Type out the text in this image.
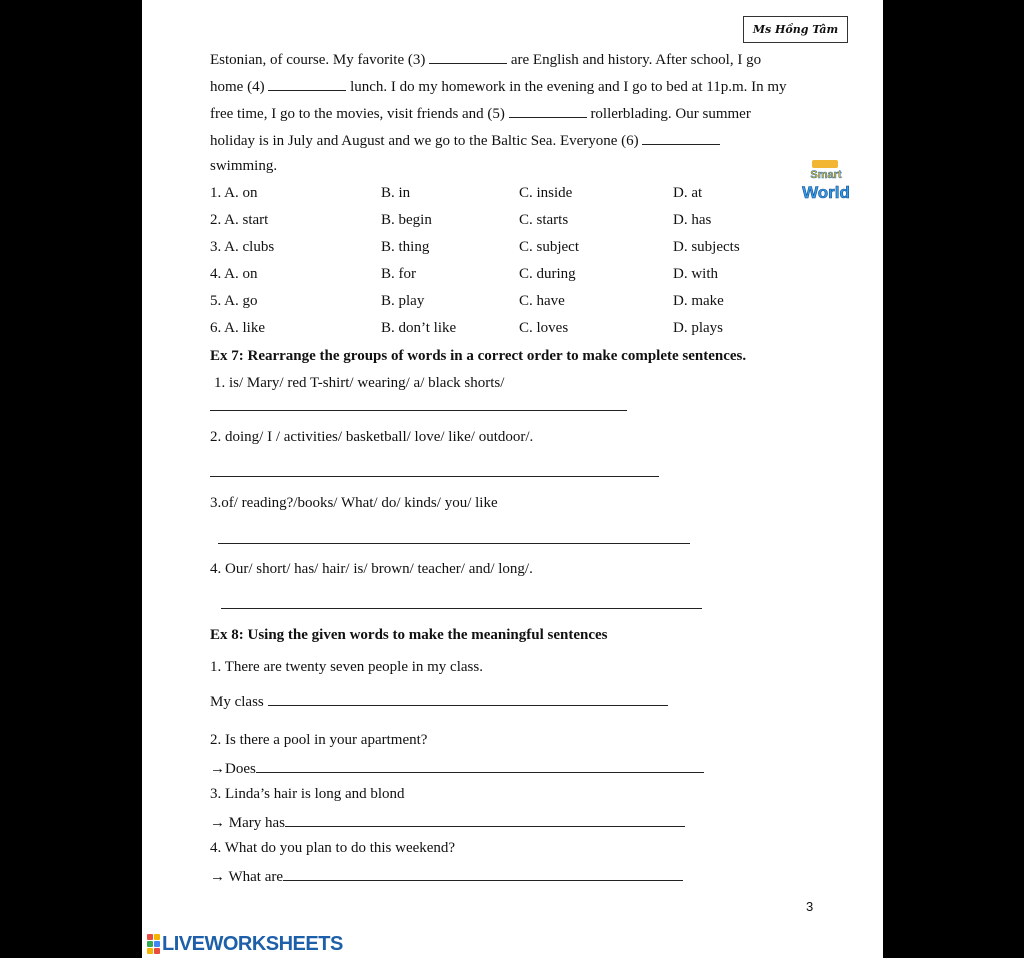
Ms Hồng Tâm
Estonian, of course. My favorite (3)	are English and history. After school, I go
home (4)	lunch. I do my homework in the evening and I go to bed at 11p.m. In my
free time, I go to the movies, visit friends and (5)	rollerblading. Our summer
holiday is in July and August and we go to the Baltic Sea. Everyone (6)
swimming.
Smart
World
1. A. on	B. in	C. inside	D. at
2. A. start	B. begin	C. starts	D. has
3. A. clubs	B. thing	C. subject	D. subjects
4. A. on	B. for	C. during	D. with
5. A. go	B. play	C. have	D. make
6. A. like	B. don’t like	C. loves	D. plays
Ex 7: Rearrange the groups of words in a correct order to make complete sentences.
1. is/ Mary/ red T-shirt/ wearing/ a/ black shorts/
2. doing/ I / activities/ basketball/ love/ like/ outdoor/.
3.of/ reading?/books/ What/ do/ kinds/ you/ like
4. Our/ short/ has/ hair/ is/ brown/ teacher/ and/ long/.
Ex 8: Using the given words to make the meaningful sentences
1. There are twenty seven people in my class.
My class
2. Is there a pool in your apartment?
→Does
3. Linda’s hair is long and blond
→ Mary has
4. What do you plan to do this weekend?
→ What are
3
LIVEWORKSHEETS
